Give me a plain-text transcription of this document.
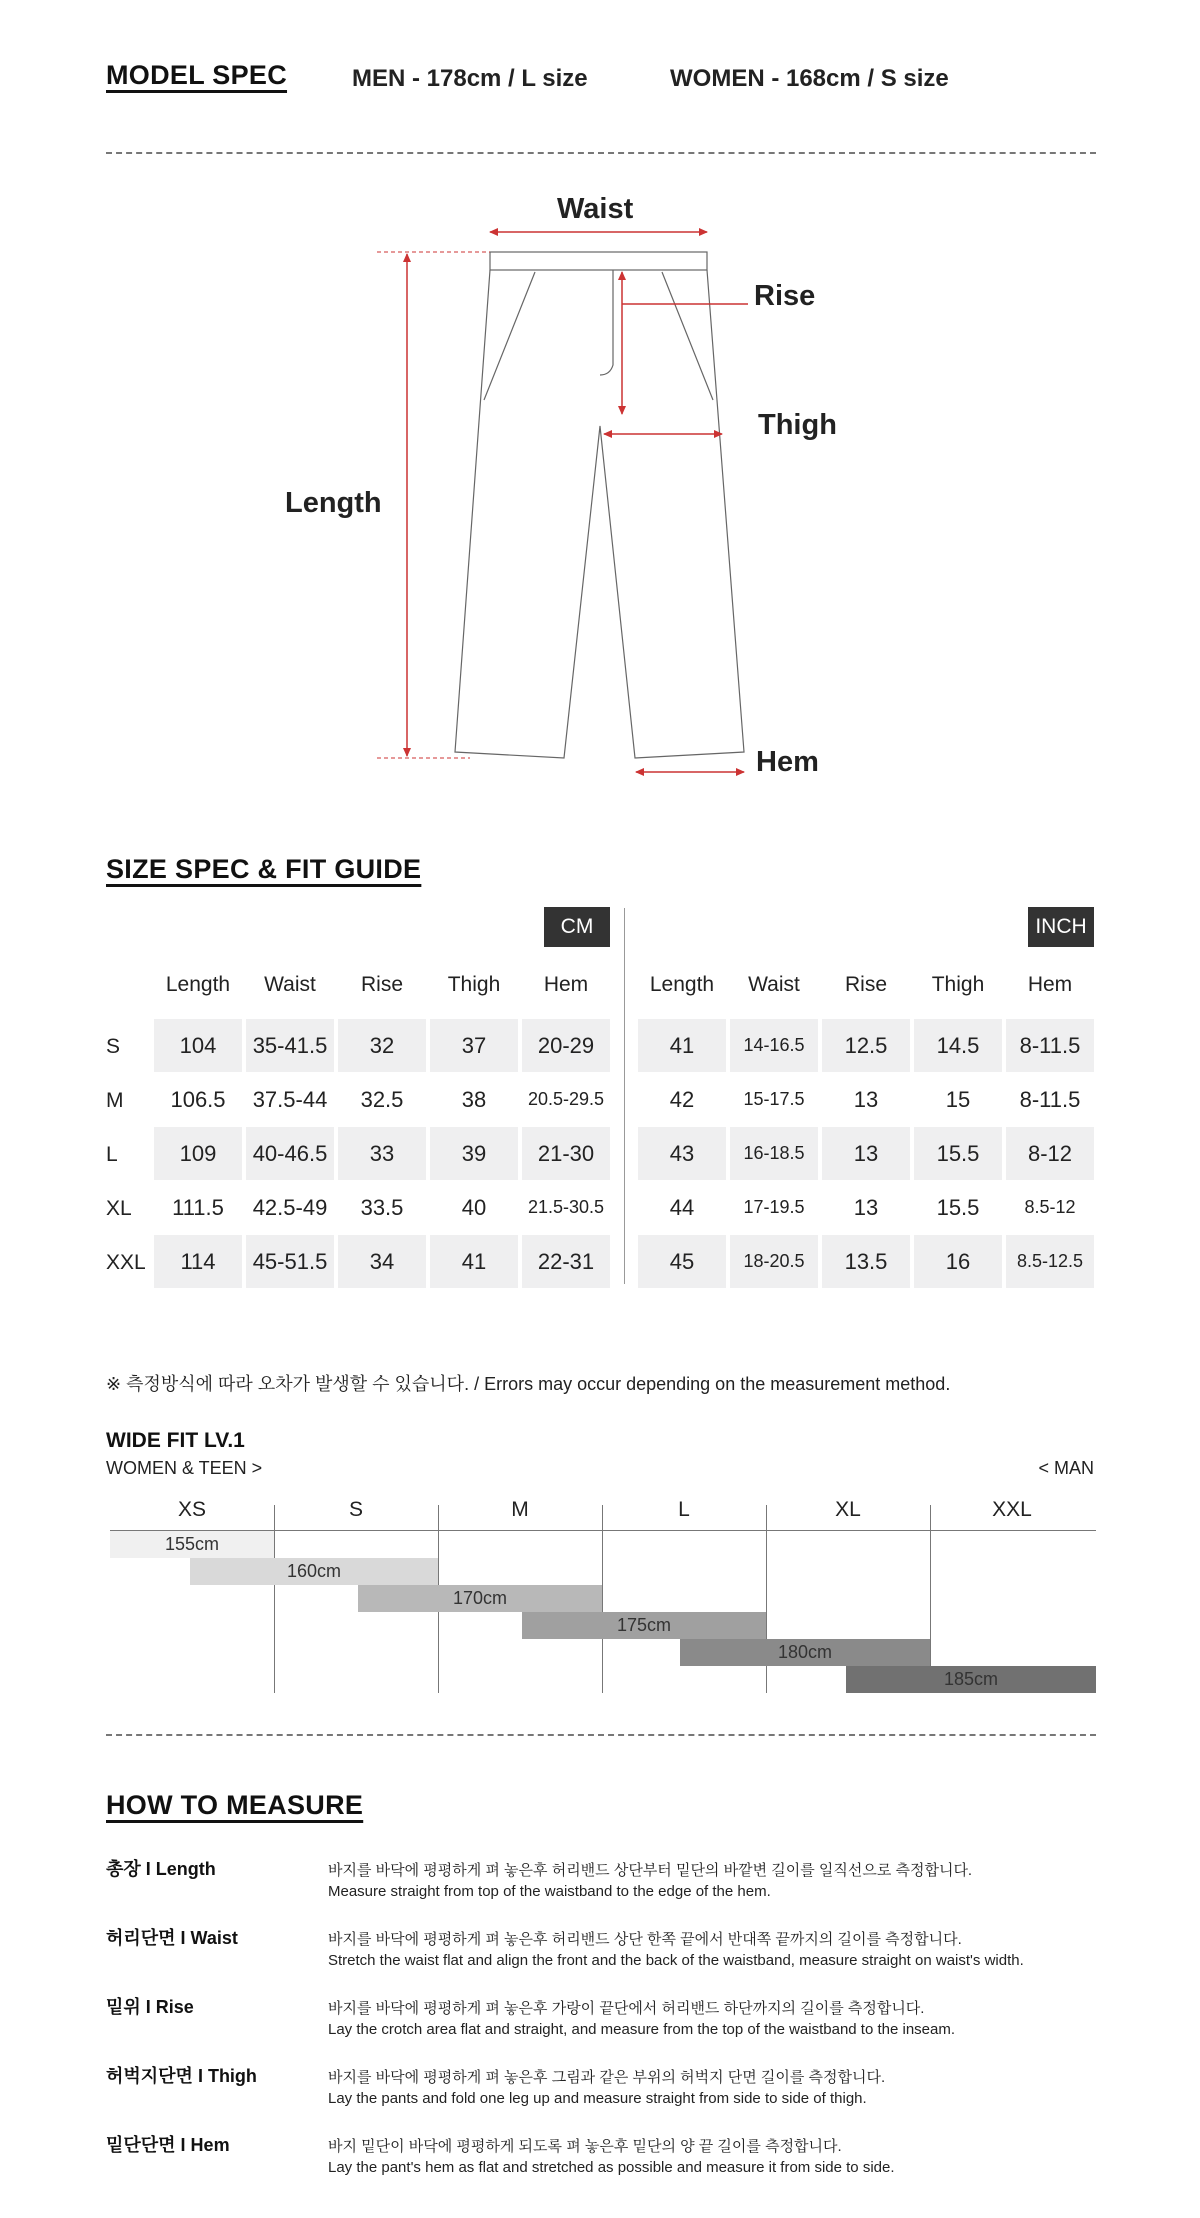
MODEL SPEC	MEN - 178cm / L size	WOMEN - 168cm / S size
Waist
Rise
Thigh
Length
Hem
SIZE SPEC & FIT GUIDE
CM	INCH
Length	Waist	Rise	Thigh	Hem	Length	Waist	Rise	Thigh	Hem
S	104	35-41.5	32	37	20-29	41	14-16.5	12.5	14.5	8-11.5
M	106.5	37.5-44	32.5	38	20.5-29.5	42	15-17.5	13	15	8-11.5
L	109	40-46.5	33	39	21-30	43	16-18.5	13	15.5	8-12
XL	111.5	42.5-49	33.5	40	21.5-30.5	44	17-19.5	13	15.5	8.5-12
XXL	114	45-51.5	34	41	22-31	45	18-20.5	13.5	16	8.5-12.5
※ 측정방식에 따라 오차가 발생할 수 있습니다. / Errors may occur depending on the measurement method.
WIDE FIT LV.1
WOMEN & TEEN >	< MAN
XS	S	M	L	XL	XXL
155cm
160cm
170cm
175cm
180cm
185cm
HOW TO MEASURE
총장 I Length	바지를 바닥에 평평하게 펴 놓은후 허리밴드 상단부터 밑단의 바깥변 길이를 일직선으로 측정합니다.
Measure straight from top of the waistband to the edge of the hem.
허리단면 I Waist	바지를 바닥에 평평하게 펴 놓은후 허리밴드 상단 한쪽 끝에서 반대쪽 끝까지의 길이를 측정합니다.
Stretch the waist flat and align the front and the back of the waistband, measure straight on waist's width.
밑위 I Rise	바지를 바닥에 평평하게 펴 놓은후 가랑이 끝단에서 허리밴드 하단까지의 길이를 측정합니다.
Lay the crotch area flat and straight, and measure from the top of the waistband to the inseam.
허벅지단면 I Thigh	바지를 바닥에 평평하게 펴 놓은후 그림과 같은 부위의 허벅지 단면 길이를 측정합니다.
Lay the pants and fold one leg up and measure straight from side to side of thigh.
밑단단면 I Hem	바지 밑단이 바닥에 평평하게 되도록 펴 놓은후 밑단의 양 끝 길이를 측정합니다.
Lay the pant's hem as flat and stretched as possible and measure it from side to side.
